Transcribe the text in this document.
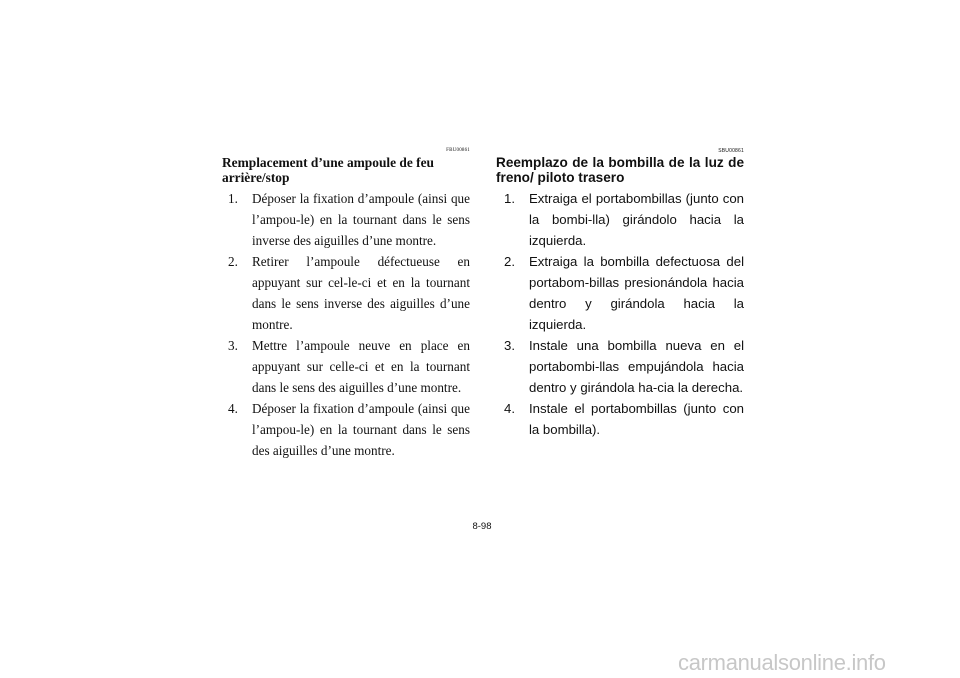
FBU00861
Remplacement d’une ampoule de feu arrière/stop
1. Déposer la fixation d’ampoule (ainsi que l’ampou-le) en la tournant dans le sens inverse des aiguilles d’une montre.
2. Retirer l’ampoule défectueuse en appuyant sur cel-le-ci et en la tournant dans le sens inverse des aiguilles d’une montre.
3. Mettre l’ampoule neuve en place en appuyant sur celle-ci et en la tournant dans le sens des aiguilles d’une montre.
4. Déposer la fixation d’ampoule (ainsi que l’ampou-le) en la tournant dans le sens des aiguilles d’une montre.
SBU00861
Reemplazo de la bombilla de la luz de freno/ piloto trasero
1. Extraiga el portabombillas (junto con la bombi-lla) girándolo hacia la izquierda.
2. Extraiga la bombilla defectuosa del portabom-billas presionándola hacia dentro y girándola hacia la izquierda.
3. Instale una bombilla nueva en el portabombi-llas empujándola hacia dentro y girándola ha-cia la derecha.
4. Instale el portabombillas (junto con la bombilla).
8-98
carmanualsonline.info
